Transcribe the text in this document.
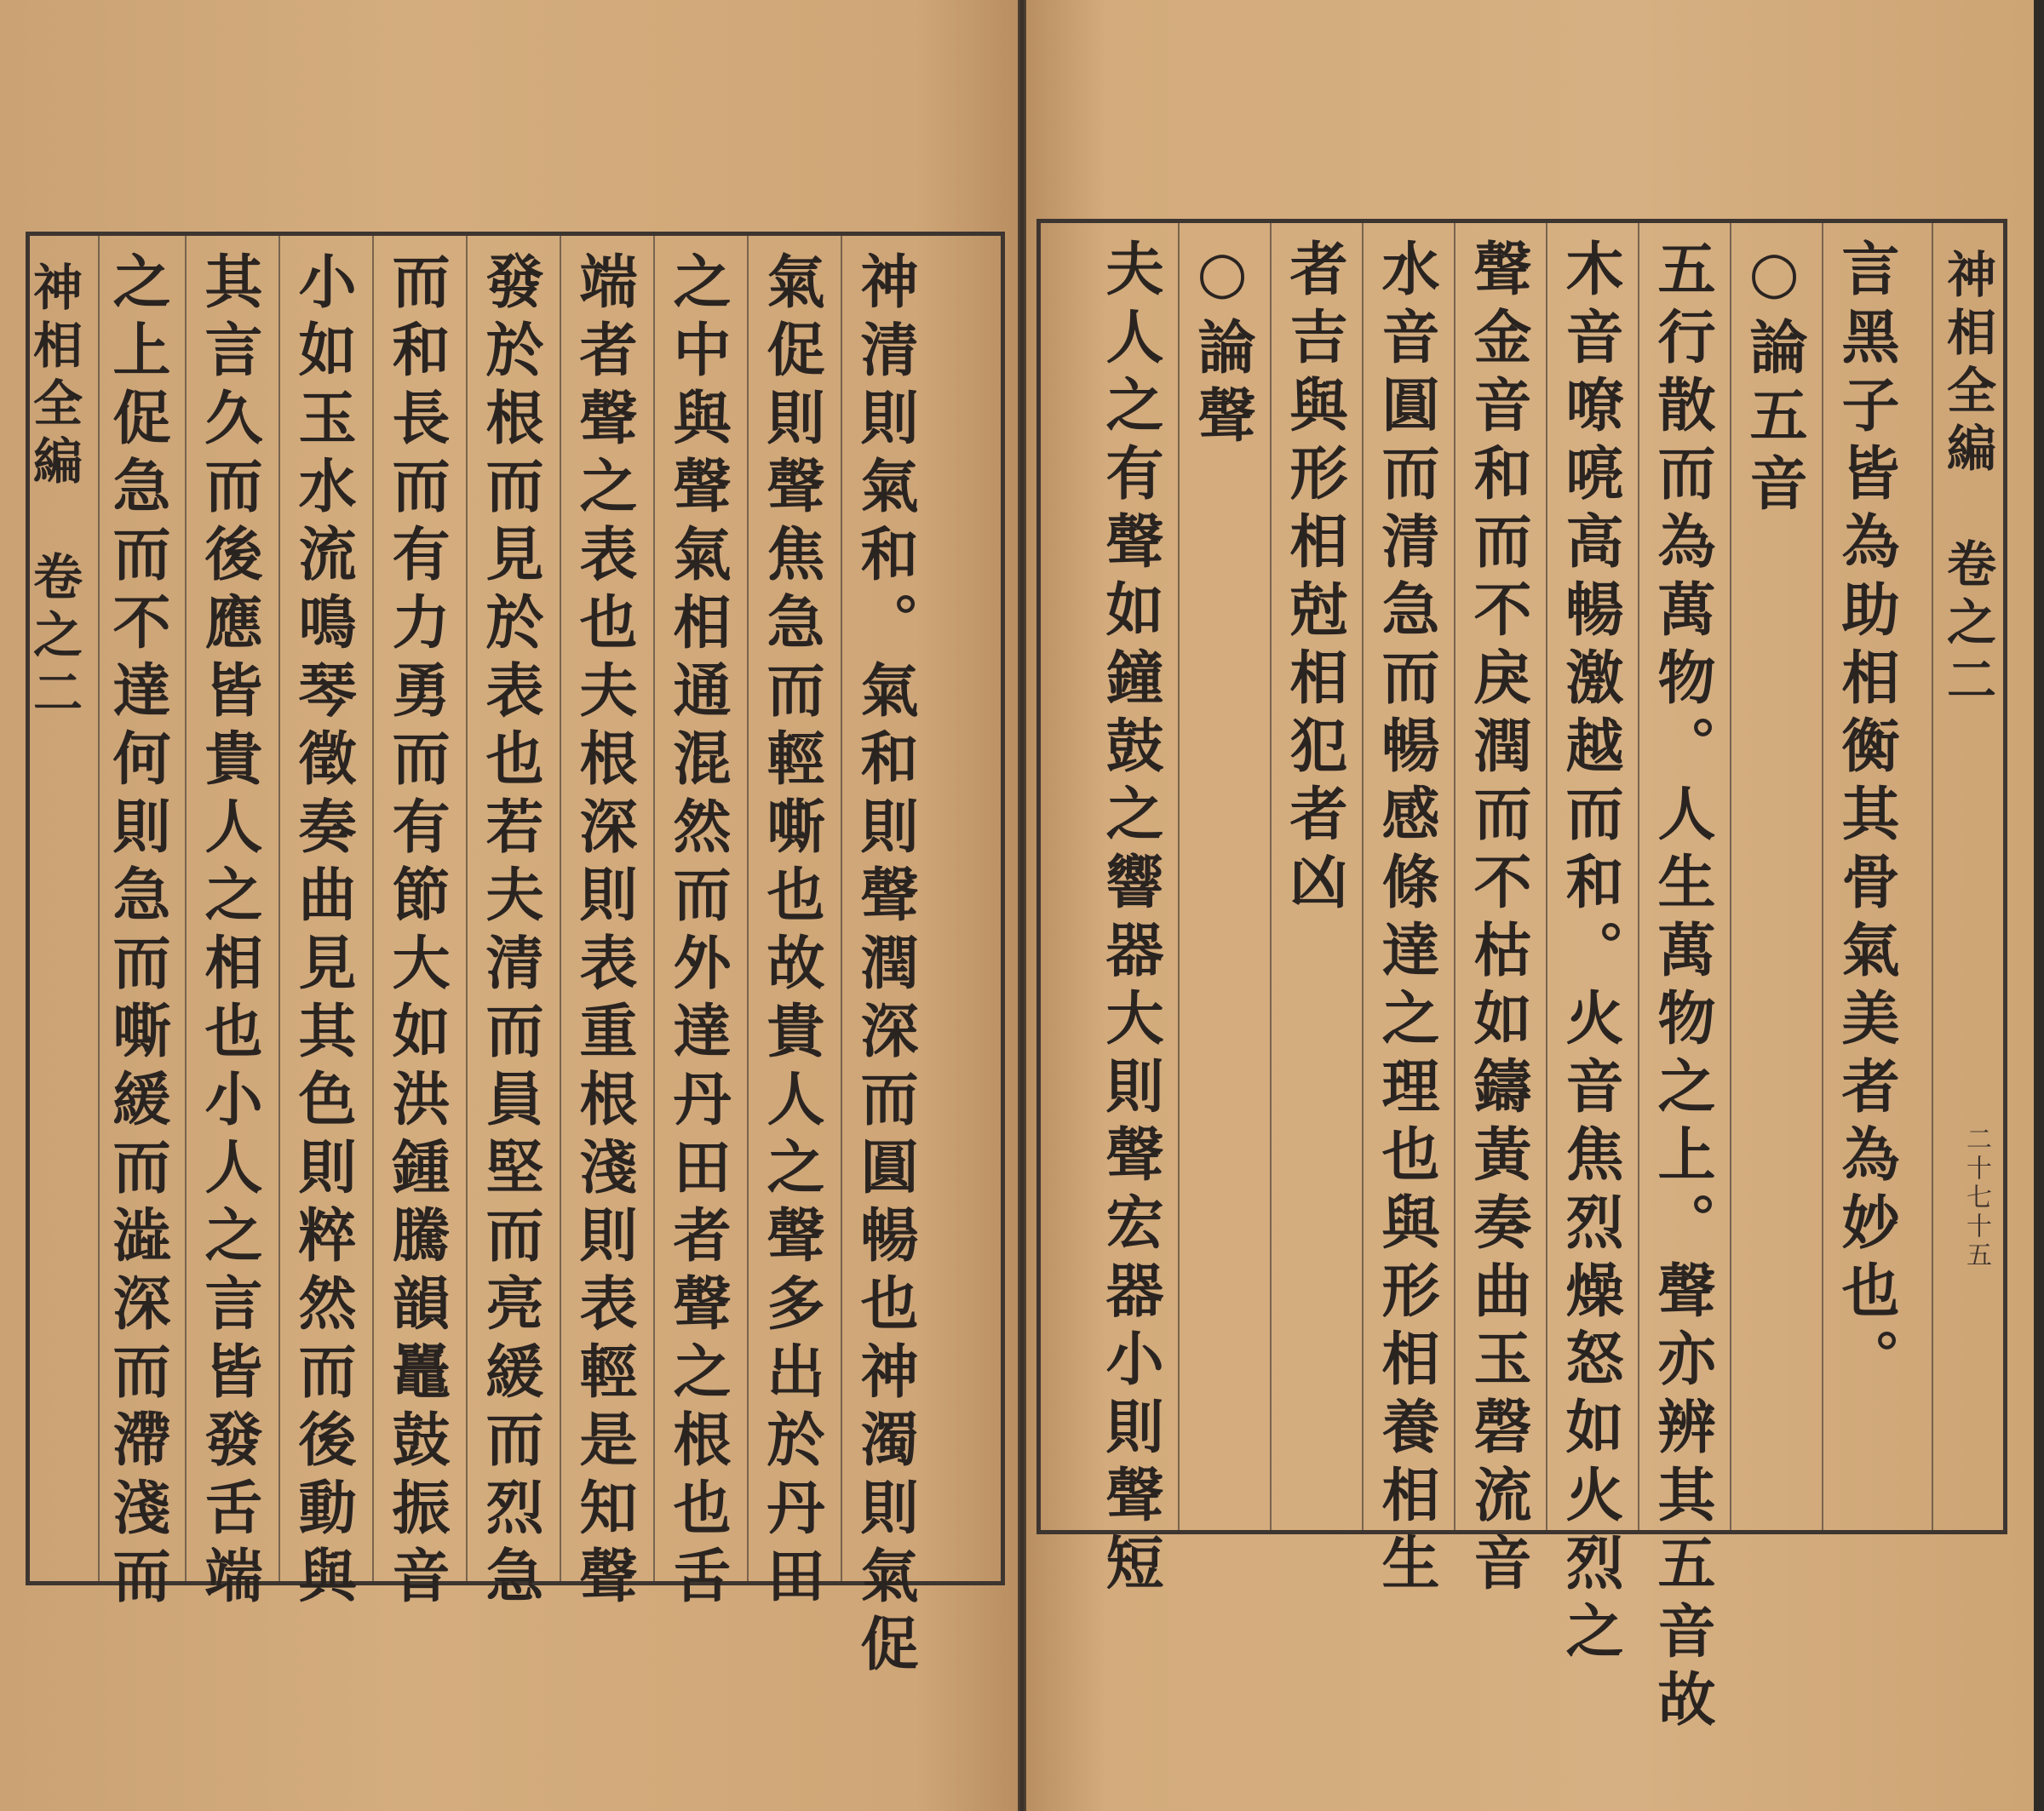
神相全編　卷之二	神清則氣和。氣和則聲潤深而圓暢也神濁則氣促
氣促則聲焦急而輕嘶也故貴人之聲多出於丹田
之中與聲氣相通混然而外達丹田者聲之根也舌
端者聲之表也夫根深則表重根淺則表輕是知聲
發於根而見於表也若夫清而員堅而亮緩而烈急
而和長而有力勇而有節大如洪鍾騰韻鼉鼓振音
小如玉水流鳴琴徵奏曲見其色則粹然而後動與
其言久而後應皆貴人之相也小人之言皆發舌端
之上促急而不達何則急而嘶緩而澁深而滯淺而	神相全編　卷之二
二十七十五
言黑子皆為助相𧗽其骨氣美者為妙也。
○論五音
五行散而為萬物。人生萬物之上。聲亦辨其五音故
木音嘹喨高暢激越而和。火音焦烈燥怒如火烈之
聲金音和而不戾潤而不枯如鑄黃奏曲玉磬流音
水音圓而清急而暢感條達之理也與形相養相生
者吉與形相尅相犯者凶
○論聲
夫人之有聲如鐘鼓之響器大則聲宏器小則聲短
